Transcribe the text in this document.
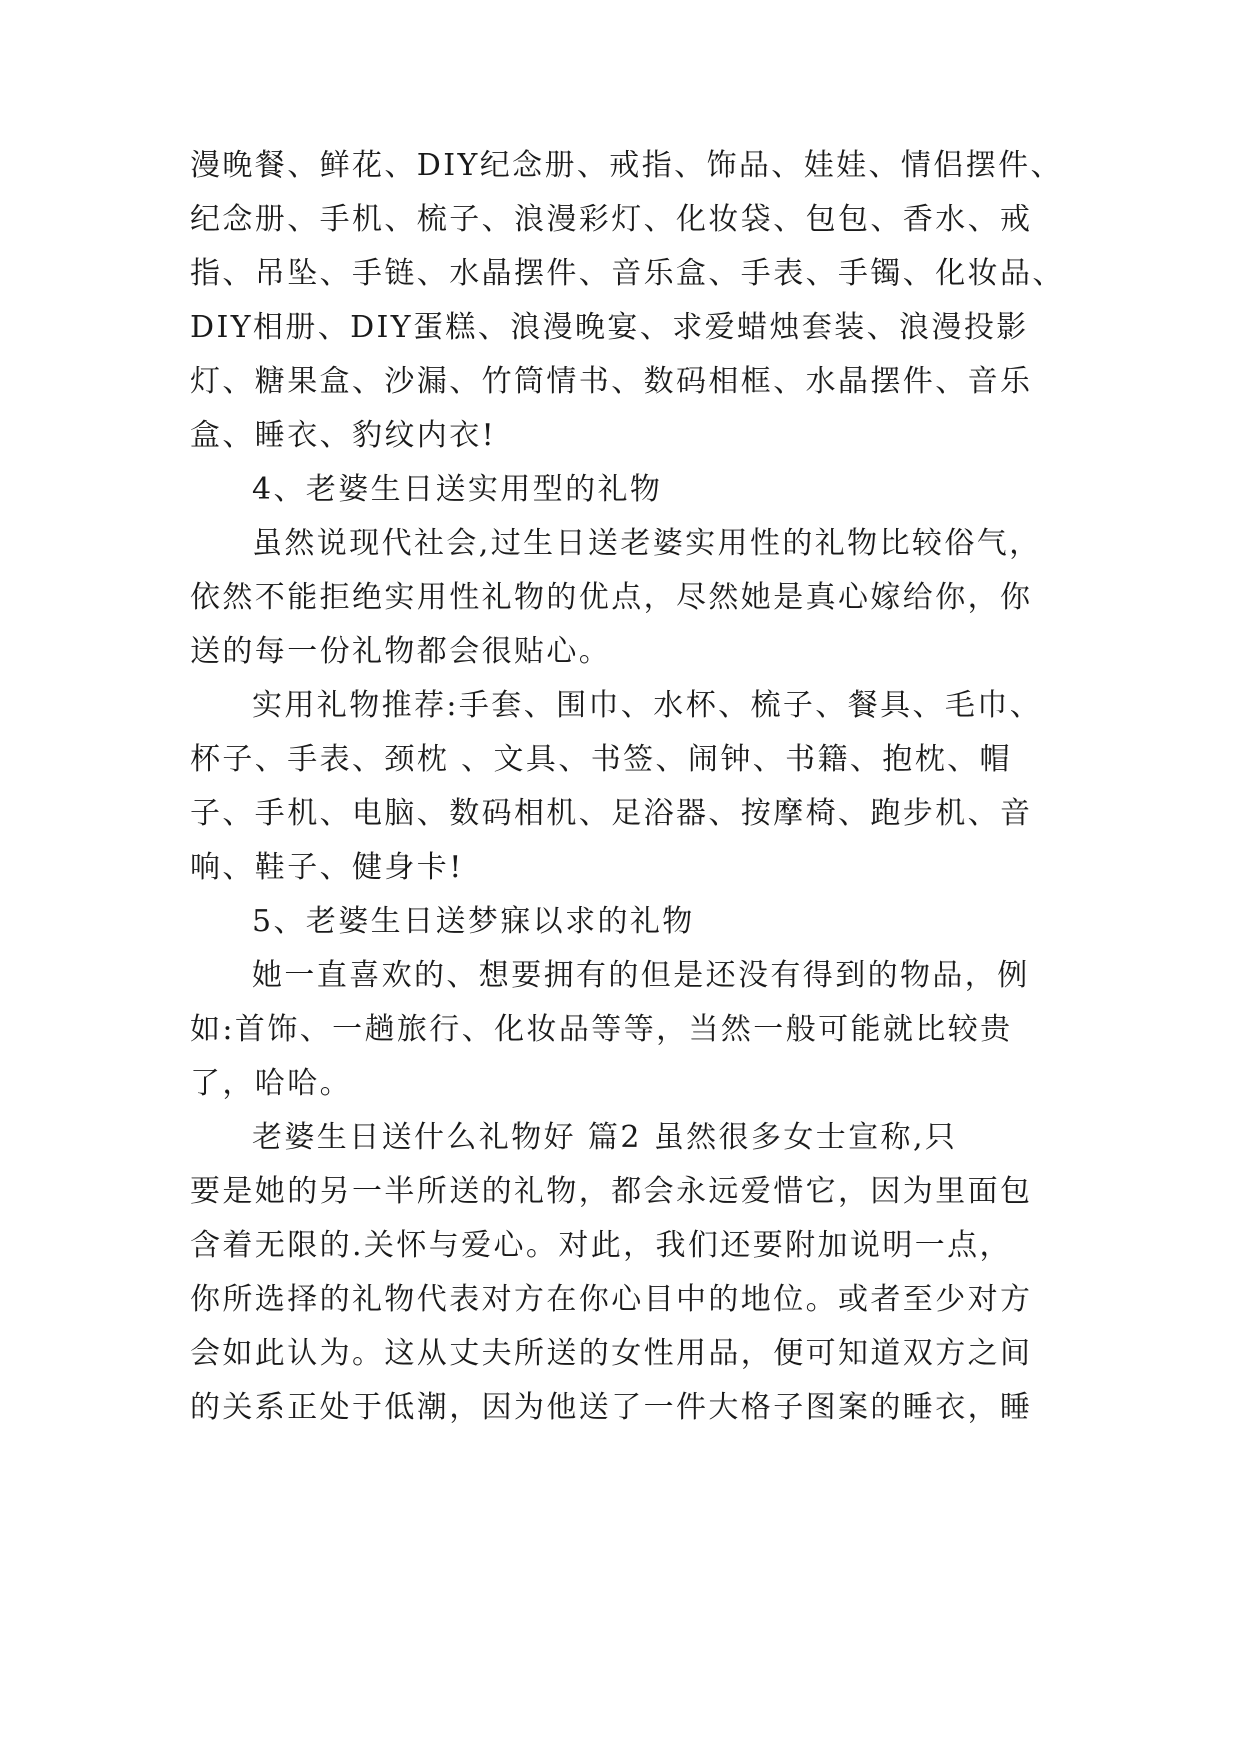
漫晚餐、鲜花、DIY纪念册、戒指、饰品、娃娃、情侣摆件、
纪念册、手机、梳子、浪漫彩灯、化妆袋、包包、香水、戒
指、吊坠、手链、水晶摆件、音乐盒、手表、手镯、化妆品、
DIY相册、DIY蛋糕、浪漫晚宴、求爱蜡烛套装、浪漫投影
灯、糖果盒、沙漏、竹筒情书、数码相框、水晶摆件、音乐
盒、睡衣、豹纹内衣!
4、老婆生日送实用型的礼物
虽然说现代社会,过生日送老婆实用性的礼物比较俗气，
依然不能拒绝实用性礼物的优点，尽然她是真心嫁给你，你
送的每一份礼物都会很贴心。
实用礼物推荐:手套、围巾、水杯、梳子、餐具、毛巾、
杯子、手表、颈枕 、文具、书签、闹钟、书籍、抱枕、帽
子、手机、电脑、数码相机、足浴器、按摩椅、跑步机、音
响、鞋子、健身卡!
5、老婆生日送梦寐以求的礼物
她一直喜欢的、想要拥有的但是还没有得到的物品，例
如:首饰、一趟旅行、化妆品等等，当然一般可能就比较贵
了，哈哈。
老婆生日送什么礼物好 篇2 虽然很多女士宣称,只
要是她的另一半所送的礼物，都会永远爱惜它，因为里面包
含着无限的.关怀与爱心。对此，我们还要附加说明一点，
你所选择的礼物代表对方在你心目中的地位。或者至少对方
会如此认为。这从丈夫所送的女性用品，便可知道双方之间
的关系正处于低潮，因为他送了一件大格子图案的睡衣，睡
